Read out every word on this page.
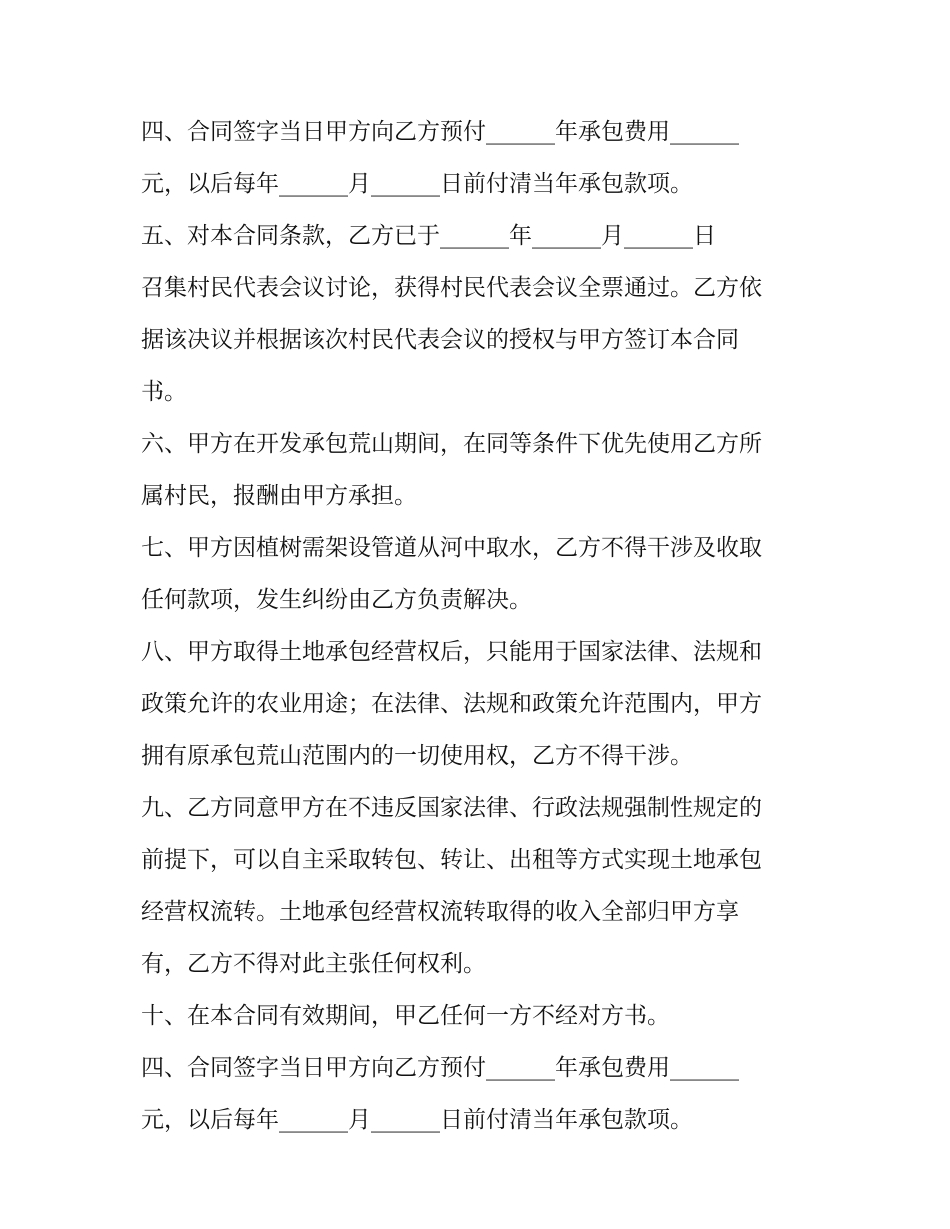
四、合同签字当日甲方向乙方预付______年承包费用______
元，以后每年______月______日前付清当年承包款项。
五、对本合同条款，乙方已于______年______月______日
召集村民代表会议讨论，获得村民代表会议全票通过。乙方依
据该决议并根据该次村民代表会议的授权与甲方签订本合同
书。
六、甲方在开发承包荒山期间，在同等条件下优先使用乙方所
属村民，报酬由甲方承担。
七、甲方因植树需架设管道从河中取水，乙方不得干涉及收取
任何款项，发生纠纷由乙方负责解决。
八、甲方取得土地承包经营权后，只能用于国家法律、法规和
政策允许的农业用途；在法律、法规和政策允许范围内，甲方
拥有原承包荒山范围内的一切使用权，乙方不得干涉。
九、乙方同意甲方在不违反国家法律、行政法规强制性规定的
前提下，可以自主采取转包、转让、出租等方式实现土地承包
经营权流转。土地承包经营权流转取得的收入全部归甲方享
有，乙方不得对此主张任何权利。
十、在本合同有效期间，甲乙任何一方不经对方书。
四、合同签字当日甲方向乙方预付______年承包费用______
元，以后每年______月______日前付清当年承包款项。
